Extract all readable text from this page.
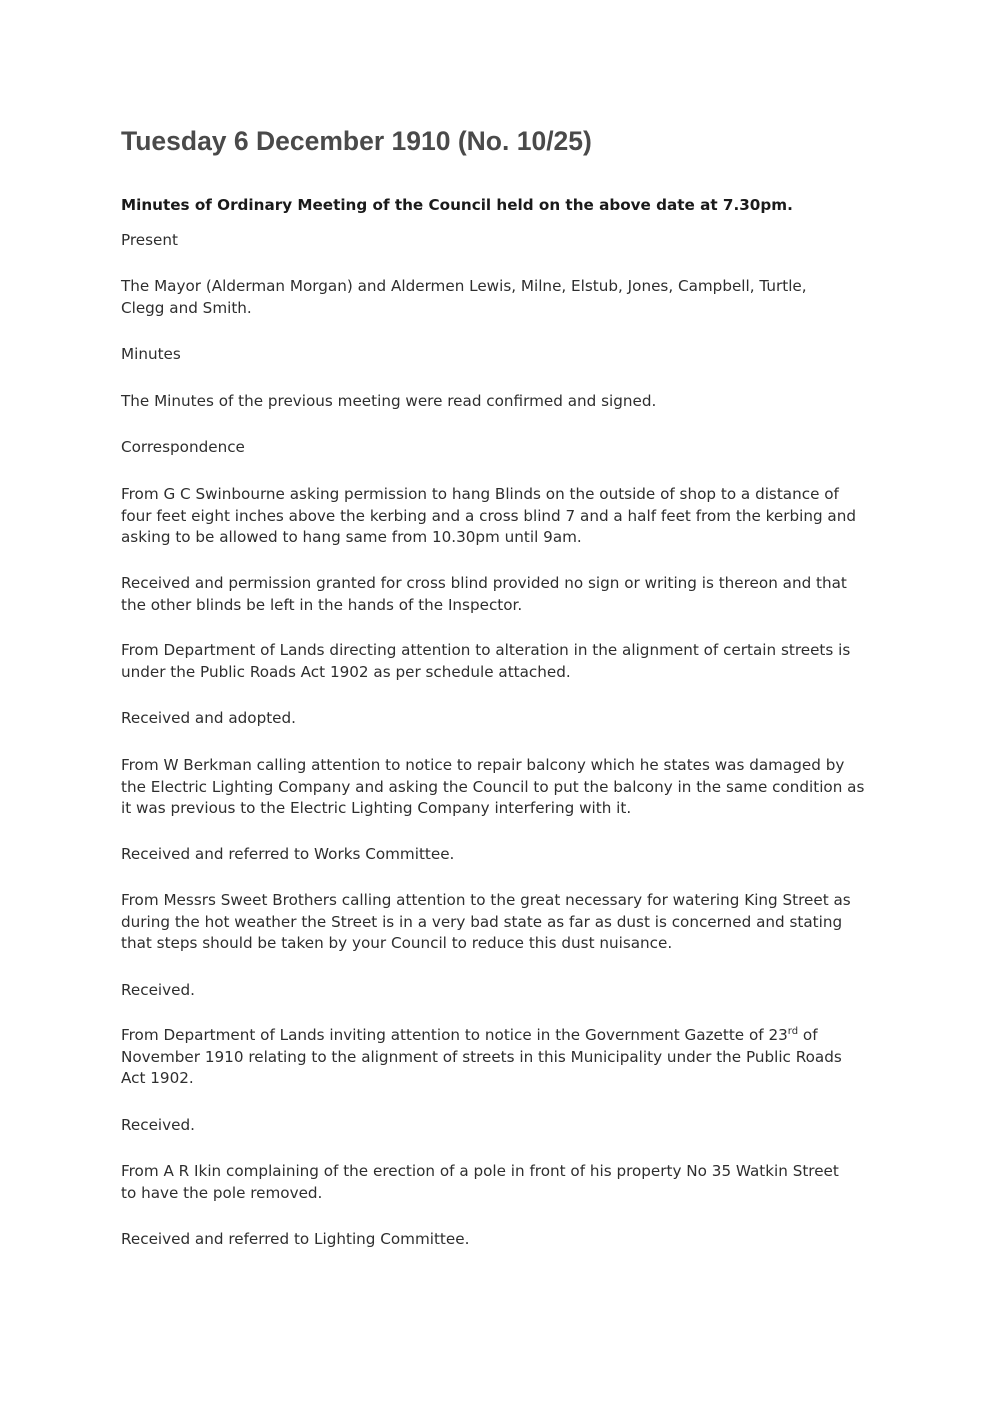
Tuesday 6 December 1910 (No. 10/25)

Minutes of Ordinary Meeting of the Council held on the above date at 7.30pm.

Present

The Mayor (Alderman Morgan) and Aldermen Lewis, Milne, Elstub, Jones, Campbell, Turtle,
Clegg and Smith.

Minutes

The Minutes of the previous meeting were read confirmed and signed.

Correspondence

From G C Swinbourne asking permission to hang Blinds on the outside of shop to a distance of
four feet eight inches above the kerbing and a cross blind 7 and a half feet from the kerbing and
asking to be allowed to hang same from 10.30pm until 9am.

Received and permission granted for cross blind provided no sign or writing is thereon and that
the other blinds be left in the hands of the Inspector.

From Department of Lands directing attention to alteration in the alignment of certain streets is
under the Public Roads Act 1902 as per schedule attached.

Received and adopted.

From W Berkman calling attention to notice to repair balcony which he states was damaged by
the Electric Lighting Company and asking the Council to put the balcony in the same condition as
it was previous to the Electric Lighting Company interfering with it.

Received and referred to Works Committee.

From Messrs Sweet Brothers calling attention to the great necessary for watering King Street as
during the hot weather the Street is in a very bad state as far as dust is concerned and stating
that steps should be taken by your Council to reduce this dust nuisance.

Received.

From Department of Lands inviting attention to notice in the Government Gazette of 23rd of
November 1910 relating to the alignment of streets in this Municipality under the Public Roads
Act 1902.

Received.

From A R Ikin complaining of the erection of a pole in front of his property No 35 Watkin Street
to have the pole removed.

Received and referred to Lighting Committee.
